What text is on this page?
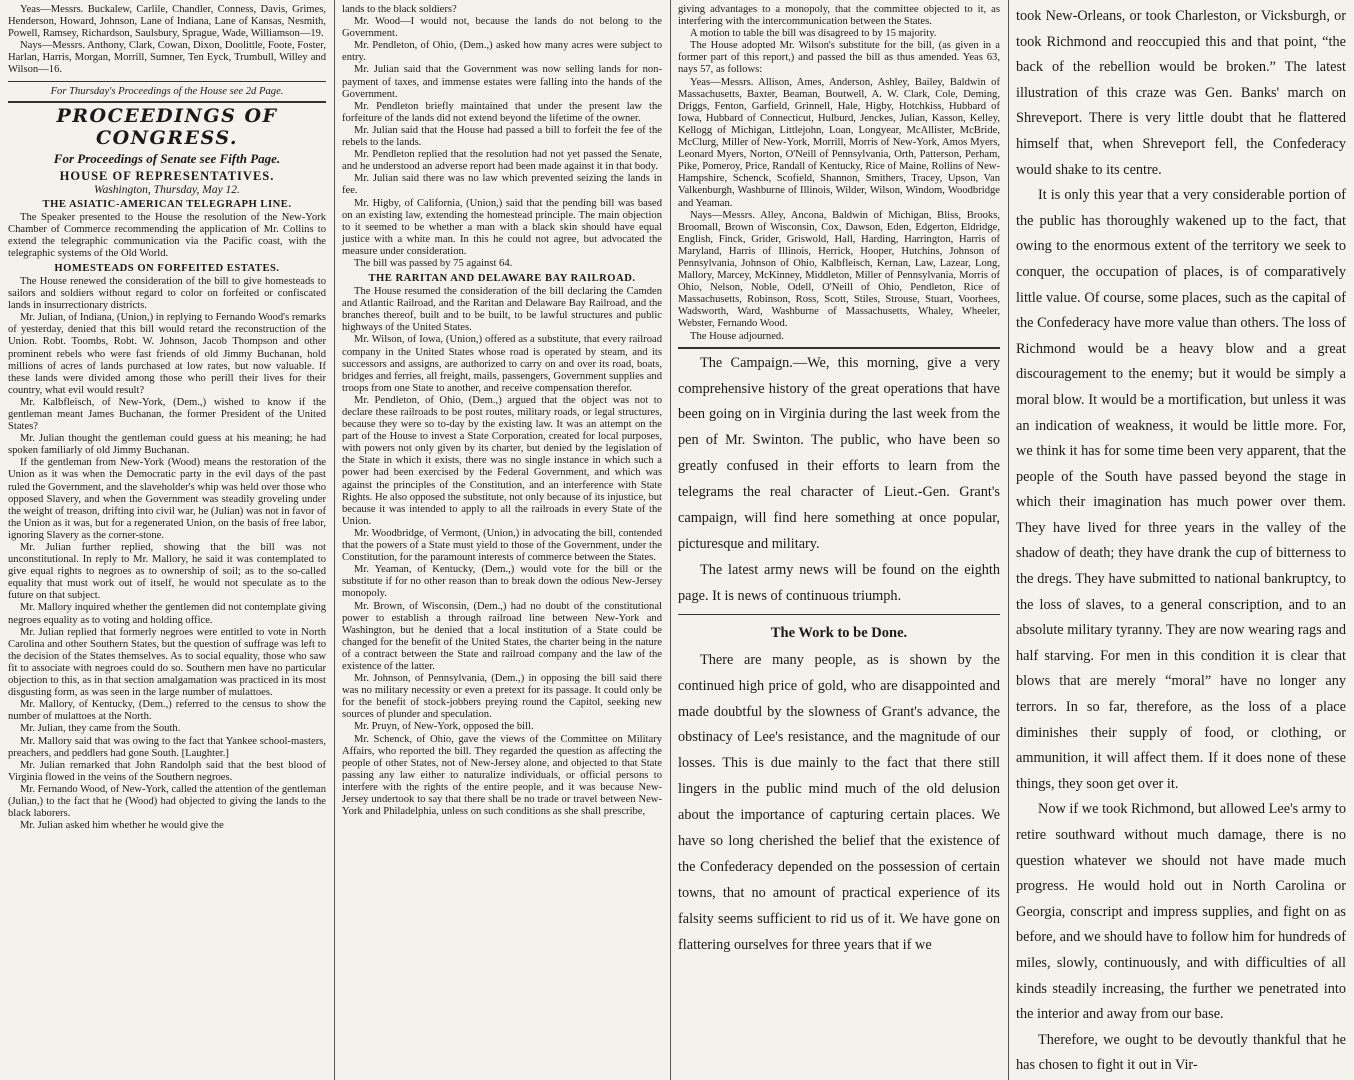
Yeas—Messrs. Buckalew, Carlile, Chandler, Conness, Davis, Grimes, Henderson, Howard, Johnson, Lane of Indiana, Lane of Kansas, Nesmith, Powell, Ramsey, Richardson, Saulsbury, Sprague, Wade, Williamson—19.

Nays—Messrs. Anthony, Clark, Cowan, Dixon, Doolittle, Foote, Foster, Harlan, Harris, Morgan, Morrill, Sumner, Ten Eyck, Trumbull, Willey and Wilson—16.

For Thursday's Proceedings of the House see 2d Page.
PROCEEDINGS OF CONGRESS.
For Proceedings of Senate see Fifth Page.
HOUSE OF REPRESENTATIVES.
Washington, Thursday, May 12.
THE ASIATIC-AMERICAN TELEGRAPH LINE.

The Speaker presented to the House the resolution of the New-York Chamber of Commerce recommending the application of Mr. Collins to extend the telegraphic communication via the Pacific coast, with the telegraphic systems of the Old World.

HOMESTEADS ON FORFEITED ESTATES.

The House renewed the consideration of the bill to give homesteads to sailors and soldiers without regard to color on forfeited or confiscated lands in insurrectionary districts.

Mr. Julian, of Indiana, (Union,) in replying to Fernando Wood's remarks of yesterday, denied that this bill would retard the reconstruction of the Union. Robt. Toombs, Robt. W. Johnson, Jacob Thompson and other prominent rebels who were fast friends of old Jimmy Buchanan, hold millions of acres of lands purchased at low rates, but now valuable. If these lands were divided among those who perill their lives for their country, what evil would result?

Mr. Kalbfleisch, of New-York, (Dem.,) wished to know if the gentleman meant James Buchanan, the former President of the United States?

Mr. Julian thought the gentleman could guess at his meaning; he had spoken familiarly of old Jimmy Buchanan.

If the gentleman from New-York (Wood) means the restoration of the Union as it was when the Democratic party in the evil days of the past ruled the Government, and the slaveholder's whip was held over those who opposed Slavery, and when the Government was steadily groveling under the weight of treason, drifting into civil war, he (Julian) was not in favor of the Union as it was, but for a regenerated Union, on the basis of free labor, ignoring Slavery as the corner-stone.

Mr. Julian further replied, showing that the bill was not unconstitutional. In reply to Mr. Mallory, he said it was contemplated to give equal rights to negroes as to ownership of soil; as to the so-called equality that must work out of itself, he would not speculate as to the future on that subject.

Mr. Mallory inquired whether the gentlemen did not contemplate giving negroes equality as to voting and holding office.

Mr. Julian replied that formerly negroes were entitled to vote in North Carolina and other Southern States, but the question of suffrage was left to the decision of the States themselves. As to social equality, those who saw fit to associate with negroes could do so. Southern men have no particular objection to this, as in that section amalgamation was practiced in its most disgusting form, as was seen in the large number of mulattoes.

Mr. Mallory, of Kentucky, (Dem.,) referred to the census to show the number of mulattoes at the North.

Mr. Julian, they came from the South.

Mr. Mallory said that was owing to the fact that Yankee school-masters, preachers, and peddlers had gone South. [Laughter.]

Mr. Julian remarked that John Randolph said that the best blood of Virginia flowed in the veins of the Southern negroes.

Mr. Fernando Wood, of New-York, called the attention of the gentleman (Julian,) to the fact that he (Wood) had objected to giving the lands to the black laborers.

Mr. Julian asked him whether he would give the

lands to the black soldiers?

Mr. Wood—I would not, because the lands do not belong to the Government.

Mr. Pendleton, of Ohio, (Dem.,) asked how many acres were subject to entry.

Mr. Julian said that the Government was now selling lands for non-payment of taxes, and immense estates were falling into the hands of the Government.

Mr. Pendleton briefly maintained that under the present law the forfeiture of the lands did not extend beyond the lifetime of the owner.

Mr. Julian said that the House had passed a bill to forfeit the fee of the rebels to the lands.

Mr. Pendleton replied that the resolution had not yet passed the Senate, and he understood an adverse report had been made against it in that body.

Mr. Julian said there was no law which prevented seizing the lands in fee.

Mr. Higby, of California, (Union,) said that the pending bill was based on an existing law, extending the homestead principle. The main objection to it seemed to be whether a man with a black skin should have equal justice with a white man. In this he could not agree, but advocated the measure under consideration.

The bill was passed by 75 against 64.

THE RARITAN AND DELAWARE BAY RAILROAD.

The House resumed the consideration of the bill declaring the Camden and Atlantic Railroad, and the Raritan and Delaware Bay Railroad, and the branches thereof, built and to be built, to be lawful structures and public highways of the United States.

Mr. Wilson, of Iowa, (Union,) offered as a substitute, that every railroad company in the United States whose road is operated by steam, and its successors and assigns, are authorized to carry on and over its road, boats, bridges and ferries, all freight, mails, passengers, Government supplies and troops from one State to another, and receive compensation therefor.

Mr. Pendleton, of Ohio, (Dem.,) argued that the object was not to declare these railroads to be post routes, military roads, or legal structures, because they were so to-day by the existing law. It was an attempt on the part of the House to invest a State Corporation, created for local purposes, with powers not only given by its charter, but denied by the legislation of the State in which it exists, there was no single instance in which such a power had been exercised by the Federal Government, and which was against the principles of the Constitution, and an interference with State Rights. He also opposed the substitute, not only because of its injustice, but because it was intended to apply to all the railroads in every State of the Union.

Mr. Woodbridge, of Vermont, (Union,) in advocating the bill, contended that the powers of a State must yield to those of the Government, under the Constitution, for the paramount interests of commerce between the States.

Mr. Yeaman, of Kentucky, (Dem.,) would vote for the bill or the substitute if for no other reason than to break down the odious New-Jersey monopoly.

Mr. Brown, of Wisconsin, (Dem.,) had no doubt of the constitutional power to establish a through railroad line between New-York and Washington, but he denied that a local institution of a State could be changed for the benefit of the United States, the charter being in the nature of a contract between the State and railroad company and the law of the existence of the latter.

Mr. Johnson, of Pennsylvania, (Dem.,) in opposing the bill said there was no military necessity or even a pretext for its passage. It could only be for the benefit of stock-jobbers preying round the Capitol, seeking new sources of plunder and speculation.

Mr. Pruyn, of New-York, opposed the bill.

Mr. Schenck, of Ohio, gave the views of the Committee on Military Affairs, who reported the bill. They regarded the question as affecting the people of other States, not of New-Jersey alone, and objected to that State passing any law either to naturalize individuals, or official persons to interfere with the rights of the entire people, and it was because New-Jersey undertook to say that there shall be no trade or travel between New-York and Philadelphia, unless on such conditions as she shall prescribe,

giving advantages to a monopoly, that the committee objected to it, as interfering with the intercommunication between the States.

A motion to table the bill was disagreed to by 15 majority.

The House adopted Mr. Wilson's substitute for the bill, (as given in a former part of this report,) and passed the bill as thus amended. Yeas 63, nays 57, as follows:

Yeas—Messrs. Allison, Ames, Anderson, Ashley, Bailey, Baldwin of Massachusetts, Baxter, Beaman, Boutwell, A. W. Clark, Cole, Deming, Driggs, Fenton, Garfield, Grinnell, Hale, Higby, Hotchkiss, Hubbard of Iowa, Hubbard of Connecticut, Hulburd, Jenckes, Julian, Kasson, Kelley, Kellogg of Michigan, Littlejohn, Loan, Longyear, McAllister, McBride, McClurg, Miller of New-York, Morrill, Morris of New-York, Amos Myers, Leonard Myers, Norton, O'Neill of Pennsylvania, Orth, Patterson, Perham, Pike, Pomeroy, Price, Randall of Kentucky, Rice of Maine, Rollins of New-Hampshire, Schenck, Scofield, Shannon, Smithers, Tracey, Upson, Van Valkenburgh, Washburne of Illinois, Wilder, Wilson, Windom, Woodbridge and Yeaman.

Nays—Messrs. Alley, Ancona, Baldwin of Michigan, Bliss, Brooks, Broomall, Brown of Wisconsin, Cox, Dawson, Eden, Edgerton, Eldridge, English, Finck, Grider, Griswold, Hall, Harding, Harrington, Harris of Maryland, Harris of Illinois, Herrick, Hooper, Hutchins, Johnson of Pennsylvania, Johnson of Ohio, Kalbfleisch, Kernan, Law, Lazear, Long, Mallory, Marcey, McKinney, Middleton, Miller of Pennsylvania, Morris of Ohio, Nelson, Noble, Odell, O'Neill of Ohio, Pendleton, Rice of Massachusetts, Robinson, Ross, Scott, Stiles, Strouse, Stuart, Voorhees, Wadsworth, Ward, Washburne of Massachusetts, Whaley, Wheeler, Webster, Fernando Wood.

The House adjourned.

The Campaign.—We, this morning, give a very comprehensive history of the great operations that have been going on in Virginia during the last week from the pen of Mr. Swinton. The public, who have been so greatly confused in their efforts to learn from the telegrams the real character of Lieut.-Gen. Grant's campaign, will find here something at once popular, picturesque and military.

The latest army news will be found on the eighth page. It is news of continuous triumph.

The Work to be Done.

There are many people, as is shown by the continued high price of gold, who are disappointed and made doubtful by the slowness of Grant's advance, the obstinacy of Lee's resistance, and the magnitude of our losses. This is due mainly to the fact that there still lingers in the public mind much of the old delusion about the importance of capturing certain places. We have so long cherished the belief that the existence of the Confederacy depended on the possession of certain towns, that no amount of practical experience of its falsity seems sufficient to rid us of it. We have gone on flattering ourselves for three years that if we

took New-Orleans, or took Charleston, or Vicksburgh, or took Richmond and reoccupied this and that point, “the back of the rebellion would be broken.” The latest illustration of this craze was Gen. Banks' march on Shreveport. There is very little doubt that he flattered himself that, when Shreveport fell, the Confederacy would shake to its centre.

It is only this year that a very considerable portion of the public has thoroughly wakened up to the fact, that owing to the enormous extent of the territory we seek to conquer, the occupation of places, is of comparatively little value. Of course, some places, such as the capital of the Confederacy have more value than others. The loss of Richmond would be a heavy blow and a great discouragement to the enemy; but it would be simply a moral blow. It would be a mortification, but unless it was an indication of weakness, it would be little more. For, we think it has for some time been very apparent, that the people of the South have passed beyond the stage in which their imagination has much power over them. They have lived for three years in the valley of the shadow of death; they have drank the cup of bitterness to the dregs. They have submitted to national bankruptcy, to the loss of slaves, to a general conscription, and to an absolute military tyranny. They are now wearing rags and half starving. For men in this condition it is clear that blows that are merely “moral” have no longer any terrors. In so far, therefore, as the loss of a place diminishes their supply of food, or clothing, or ammunition, it will affect them. If it does none of these things, they soon get over it.

Now if we took Richmond, but allowed Lee's army to retire southward without much damage, there is no question whatever we should not have made much progress. He would hold out in North Carolina or Georgia, conscript and impress supplies, and fight on as before, and we should have to follow him for hundreds of miles, slowly, continuously, and with difficulties of all kinds steadily increasing, the further we penetrated into the interior and away from our base.

Therefore, we ought to be devoutly thankful that he has chosen to fight it out in Vir-
